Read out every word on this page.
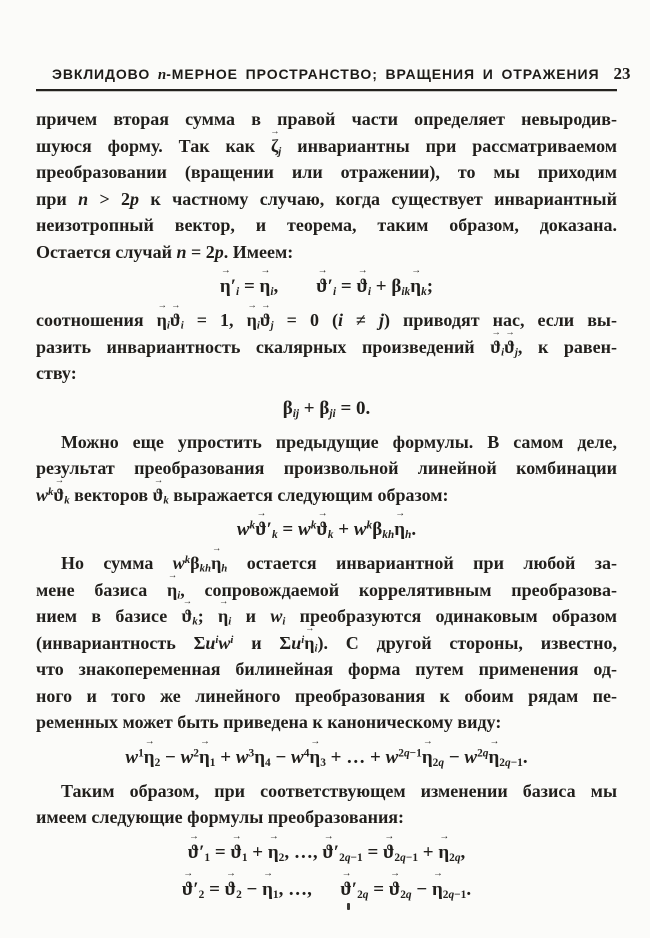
ЭВКЛИДОВО n-МЕРНОЕ ПРОСТРАНСТВО; ВРАЩЕНИЯ И ОТРАЖЕНИЯ 23
причем вторая сумма в правой части определяет невыродив-
шуюся форму. Так как
→
$\zeta_j$ инвариантны при рассматриваемом
преобразовании (вращении или отражении), то мы приходим
при n > 2p к частному случаю, когда существует инвариантный
неизотропный вектор, и теорема, таким образом, доказана.
Остается случай n = 2p. Имеем:
→
$\eta'_i$ =
→
$\eta_i$,  
→
$ϑ'_i$ =
→
$ϑ_i + \beta_{ik}$
→
$\eta_k$;
соотношения
→
$\eta_i$
→
$ϑ_i = 1$,
→
$\eta_i$
→
$ϑ_j = 0$ (i ≠ j) приводят нас, если вы-
разить инвариантность скалярных произведений
→
$ϑ_i$
→
$ϑ_j$, к равен-
ству:
$\beta_{ij} + \beta_{ji} = 0$.
Можно еще упростить предыдущие формулы. В самом деле,
результат преобразования произвольной линейной комбинации
$w^k$
→
$ϑ_k$ векторов
→
$ϑ_k$ выражается следующим образом:
$w^k$
→
$ϑ'_k = w^k$
→
$ϑ_k + w^k\beta_{kh}$
→
$\eta_h$.
Но сумма $w^k\beta_{kh}$
→
$\eta_h$ остается инвариантной при любой за-
мене базиса
→
$\eta_i$, сопровождаемой коррелятивным преобразова-
нием в базисе
→
$ϑ_k$;
→
$\eta_i$ и $w_i$ преобразуются одинаковым образом
(инвариантность $\Sigma u^iw^i$ и $\Sigma u^i$
→
$\eta_i$). С другой стороны, известно,
что знакопеременная билинейная форма путем применения од-
ного и того же линейного преобразования к обоим рядам пе-
ременных может быть приведена к каноническому виду:
$w^1$
→
$\eta_2 - w^2$
→
$\eta_1 + w^3\eta_4 - w^4$
→
$\eta_3$ + … + $w^{2q-1}$
→
$\eta_{2q} - w^{2q}$
→
$\eta_{2q-1}$.
Таким образом, при соответствующем изменении базиса мы
имеем следующие формулы преобразования:
→
$ϑ'_1$ =
→
$ϑ_1$ +
→
$\eta_2$, …,
→
$ϑ'_{2q-1}$ =
→
$ϑ_{2q-1}$ +
→
$\eta_{2q}$,
→
$ϑ'_2$ =
→
$ϑ_2$ −
→
$\eta_1$, …,  
→
$ϑ'_{2q}$ =
→
$ϑ_{2q}$ −
→
$\eta_{2q-1}$.
